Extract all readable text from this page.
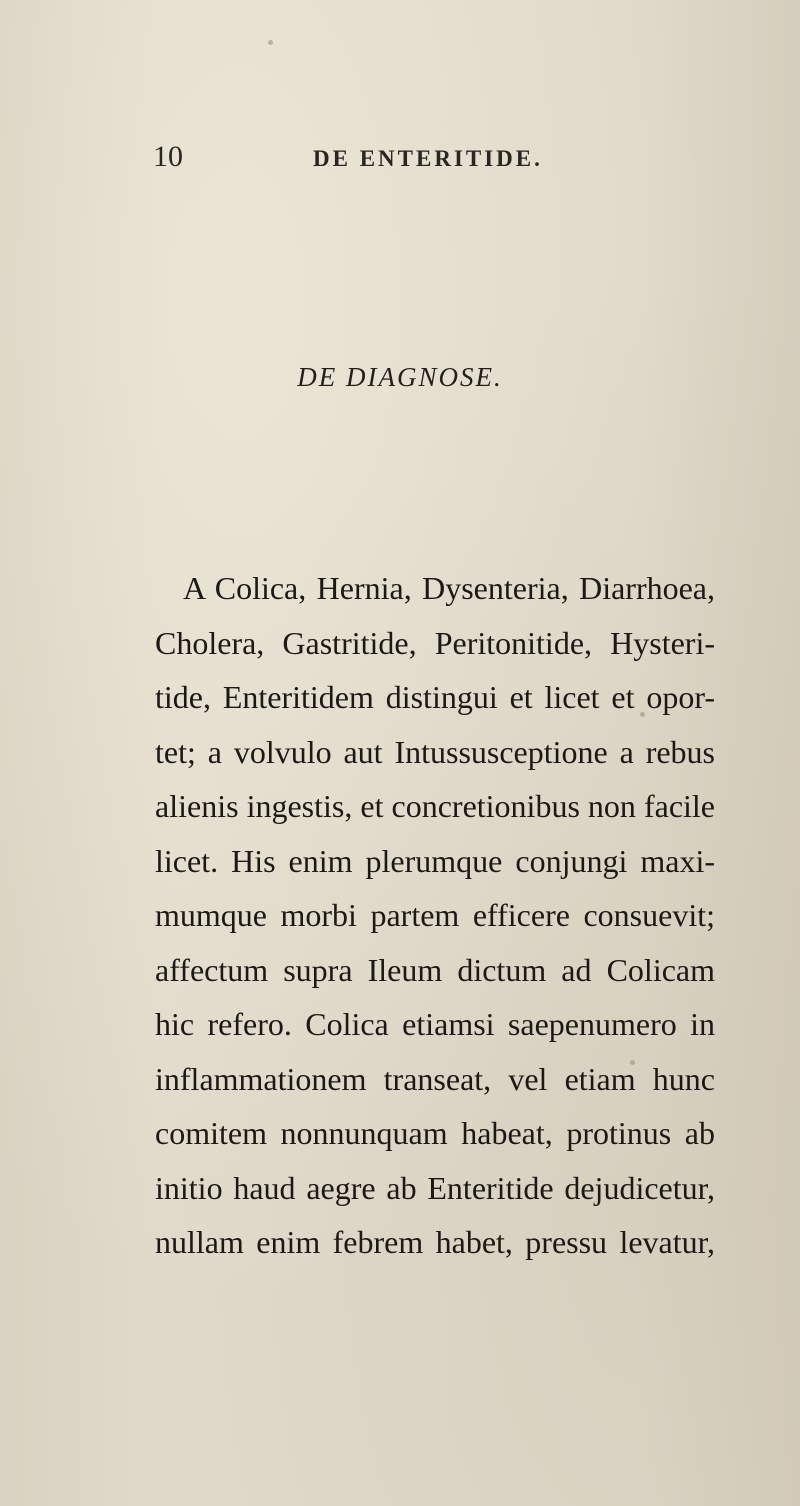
10	DE ENTERITIDE.
DE DIAGNOSE.
A Colica, Hernia, Dysenteria, Diarrhoea,
Cholera, Gastritide, Peritonitide, Hysteri-
tide, Enteritidem distingui et licet et opor-
tet; a volvulo aut Intussusceptione a rebus
alienis ingestis, et concretionibus non facile
licet. His enim plerumque conjungi maxi-
mumque morbi partem efficere consuevit;
affectum supra Ileum dictum ad Colicam
hic refero. Colica etiamsi saepenumero in
inflammationem transeat, vel etiam hunc
comitem nonnunquam habeat, protinus ab
initio haud aegre ab Enteritide dejudicetur,
nullam enim febrem habet, pressu levatur,
